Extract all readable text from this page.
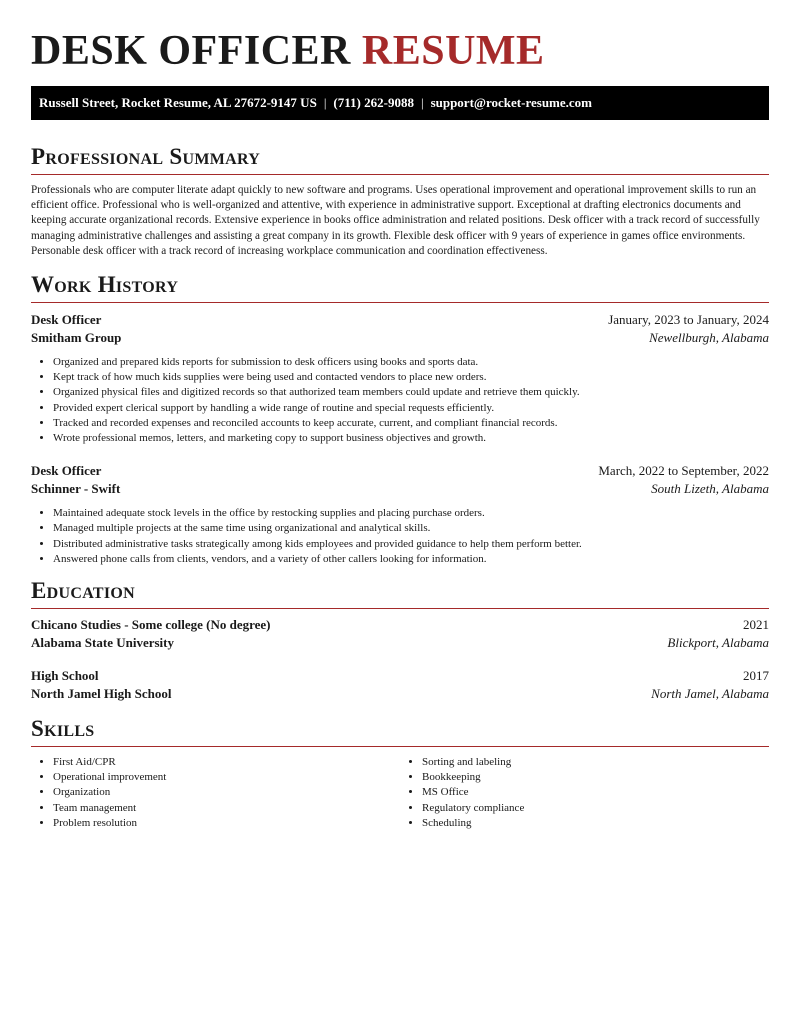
DESK OFFICER RESUME
Russell Street, Rocket Resume, AL 27672-9147 US | (711) 262-9088 | support@rocket-resume.com
Professional Summary

Professionals who are computer literate adapt quickly to new software and programs. Uses operational improvement and operational improvement skills to run an efficient office. Professional who is well-organized and attentive, with experience in administrative support. Exceptional at drafting electronics documents and keeping accurate organizational records. Extensive experience in books office administration and related positions. Desk officer with a track record of successfully managing administrative challenges and assisting a great company in its growth. Flexible desk officer with 9 years of experience in games office environments. Personable desk officer with a track record of increasing workplace communication and coordination effectiveness.

Work History
Desk Officer	January, 2023 to January, 2024
Smitham Group	Newellburgh, Alabama
• Organized and prepared kids reports for submission to desk officers using books and sports data.
• Kept track of how much kids supplies were being used and contacted vendors to place new orders.
• Organized physical files and digitized records so that authorized team members could update and retrieve them quickly.
• Provided expert clerical support by handling a wide range of routine and special requests efficiently.
• Tracked and recorded expenses and reconciled accounts to keep accurate, current, and compliant financial records.
• Wrote professional memos, letters, and marketing copy to support business objectives and growth.
Desk Officer	March, 2022 to September, 2022
Schinner - Swift	South Lizeth, Alabama
• Maintained adequate stock levels in the office by restocking supplies and placing purchase orders.
• Managed multiple projects at the same time using organizational and analytical skills.
• Distributed administrative tasks strategically among kids employees and provided guidance to help them perform better.
• Answered phone calls from clients, vendors, and a variety of other callers looking for information.
Education
Chicano Studies - Some college (No degree)	2021
Alabama State University	Blickport, Alabama
High School	2017
North Jamel High School	North Jamel, Alabama
Skills
• First Aid/CPR
• Operational improvement
• Organization
• Team management
• Problem resolution
• Sorting and labeling
• Bookkeeping
• MS Office
• Regulatory compliance
• Scheduling
